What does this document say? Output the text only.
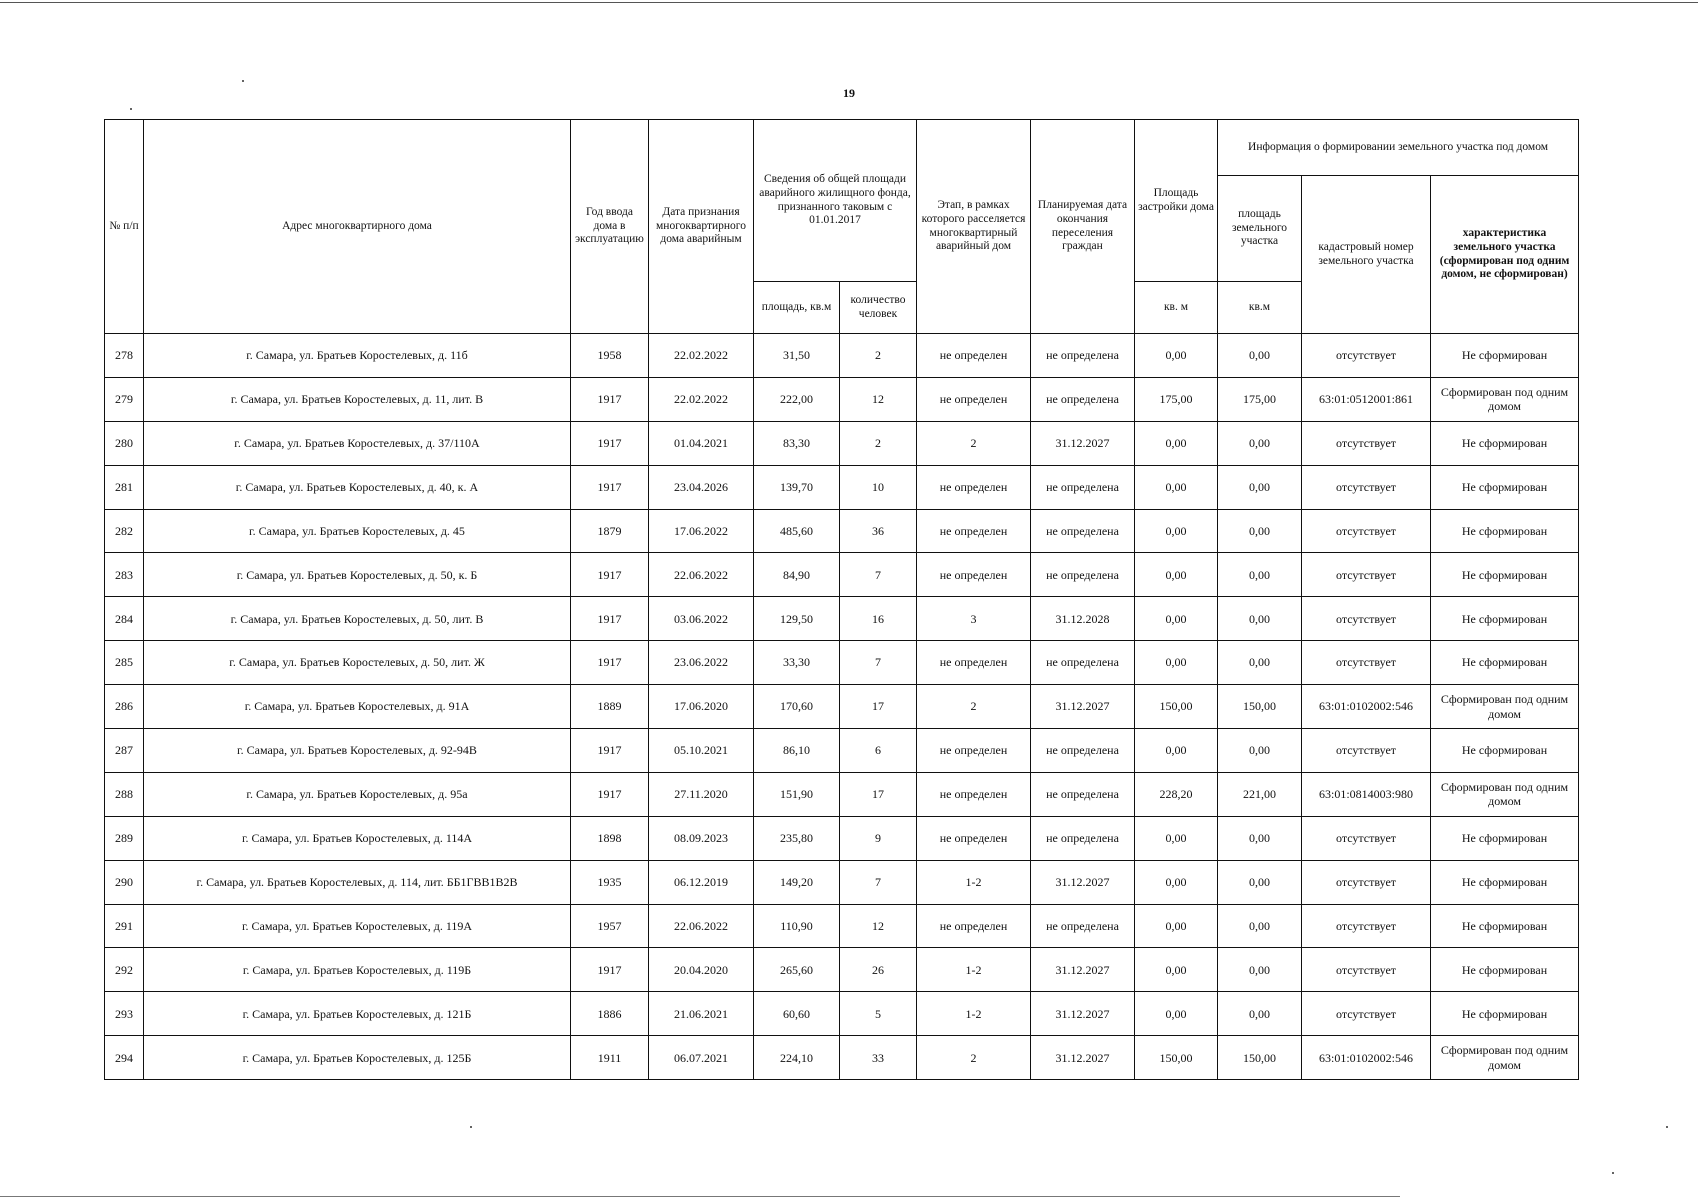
19
№ п/п	Адрес многоквартирного дома	Год ввода дома в эксплуатацию	Дата признания многоквартирного дома аварийным	Сведения об общей площади аварийного жилищного фонда, признанного таковым с 01.01.2017		Этап, в рамках которого расселяется многоквартирный аварийный дом	Планируемая дата окончания переселения граждан	Площадь застройки дома	Информация о формировании земельного участка под домом		
									площадь земельного участка	кадастровый номер земельного участка	характеристика земельного участка (сформирован под одним домом, не сформирован)
				площадь, кв.м	количество человек			кв. м	кв.м		
278	г. Самара, ул. Братьев Коростелевых, д. 11б	1958	22.02.2022	31,50	2	не определен	не определена	0,00	0,00	отсутствует	Не сформирован
279	г. Самара, ул. Братьев Коростелевых, д. 11, лит. В	1917	22.02.2022	222,00	12	не определен	не определена	175,00	175,00	63:01:0512001:861	Сформирован под одним домом
280	г. Самара, ул. Братьев Коростелевых, д. 37/110А	1917	01.04.2021	83,30	2	2	31.12.2027	0,00	0,00	отсутствует	Не сформирован
281	г. Самара, ул. Братьев Коростелевых, д. 40, к. А	1917	23.04.2026	139,70	10	не определен	не определена	0,00	0,00	отсутствует	Не сформирован
282	г. Самара, ул. Братьев Коростелевых, д. 45	1879	17.06.2022	485,60	36	не определен	не определена	0,00	0,00	отсутствует	Не сформирован
283	г. Самара, ул. Братьев Коростелевых, д. 50, к. Б	1917	22.06.2022	84,90	7	не определен	не определена	0,00	0,00	отсутствует	Не сформирован
284	г. Самара, ул. Братьев Коростелевых, д. 50, лит. В	1917	03.06.2022	129,50	16	3	31.12.2028	0,00	0,00	отсутствует	Не сформирован
285	г. Самара, ул. Братьев Коростелевых, д. 50, лит. Ж	1917	23.06.2022	33,30	7	не определен	не определена	0,00	0,00	отсутствует	Не сформирован
286	г. Самара, ул. Братьев Коростелевых, д. 91А	1889	17.06.2020	170,60	17	2	31.12.2027	150,00	150,00	63:01:0102002:546	Сформирован под одним домом
287	г. Самара, ул. Братьев Коростелевых, д. 92-94В	1917	05.10.2021	86,10	6	не определен	не определена	0,00	0,00	отсутствует	Не сформирован
288	г. Самара, ул. Братьев Коростелевых, д. 95а	1917	27.11.2020	151,90	17	не определен	не определена	228,20	221,00	63:01:0814003:980	Сформирован под одним домом
289	г. Самара, ул. Братьев Коростелевых, д. 114А	1898	08.09.2023	235,80	9	не определен	не определена	0,00	0,00	отсутствует	Не сформирован
290	г. Самара, ул. Братьев Коростелевых, д. 114, лит. ББ1ГВВ1В2В	1935	06.12.2019	149,20	7	1-2	31.12.2027	0,00	0,00	отсутствует	Не сформирован
291	г. Самара, ул. Братьев Коростелевых, д. 119А	1957	22.06.2022	110,90	12	не определен	не определена	0,00	0,00	отсутствует	Не сформирован
292	г. Самара, ул. Братьев Коростелевых, д. 119Б	1917	20.04.2020	265,60	26	1-2	31.12.2027	0,00	0,00	отсутствует	Не сформирован
293	г. Самара, ул. Братьев Коростелевых, д. 121Б	1886	21.06.2021	60,60	5	1-2	31.12.2027	0,00	0,00	отсутствует	Не сформирован
294	г. Самара, ул. Братьев Коростелевых, д. 125Б	1911	06.07.2021	224,10	33	2	31.12.2027	150,00	150,00	63:01:0102002:546	Сформирован под одним домом
